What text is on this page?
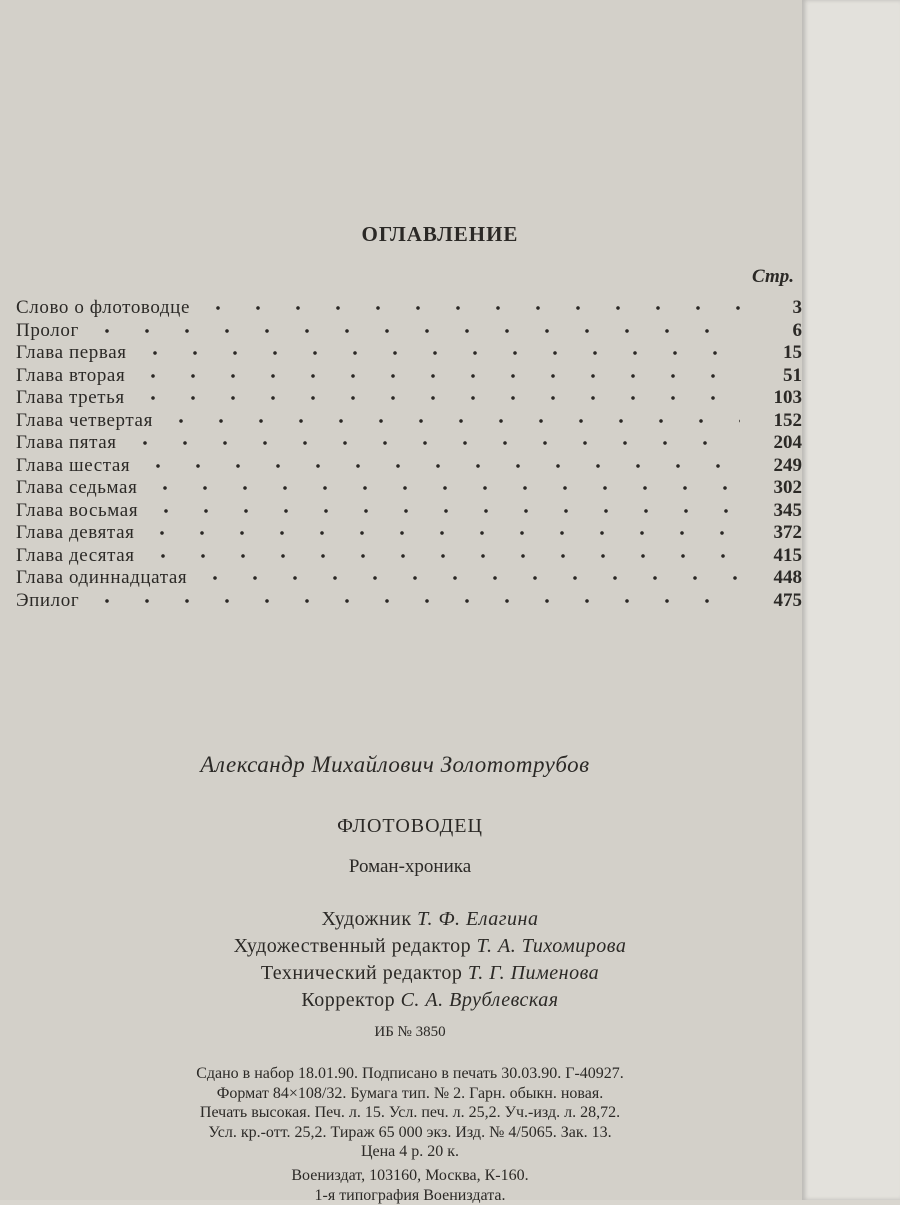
ОГЛАВЛЕНИЕ
Стр.
Слово о флотоводце	3
Пролог	6
Глава первая	15
Глава вторая	51
Глава третья	103
Глава четвертая	152
Глава пятая	204
Глава шестая	249
Глава седьмая	302
Глава восьмая	345
Глава девятая	372
Глава десятая	415
Глава одиннадцатая	448
Эпилог	475
Александр Михайлович Золототрубов
ФЛОТОВОДЕЦ
Роман-хроника
Художник Т. Ф. Елагина
Художественный редактор Т. А. Тихомирова
Технический редактор Т. Г. Пименова
Корректор С. А. Врублевская
ИБ № 3850
Сдано в набор 18.01.90. Подписано в печать 30.03.90. Г-40927.
Формат 84×108/32. Бумага тип. № 2. Гарн. обыкн. новая.
Печать высокая. Печ. л. 15. Усл. печ. л. 25,2. Уч.-изд. л. 28,72.
Усл. кр.-отт. 25,2. Тираж 65 000 экз. Изд. № 4/5065. Зак. 13.
Цена 4 р. 20 к.
Воениздат, 103160, Москва, К-160.
1-я типография Воениздата.
